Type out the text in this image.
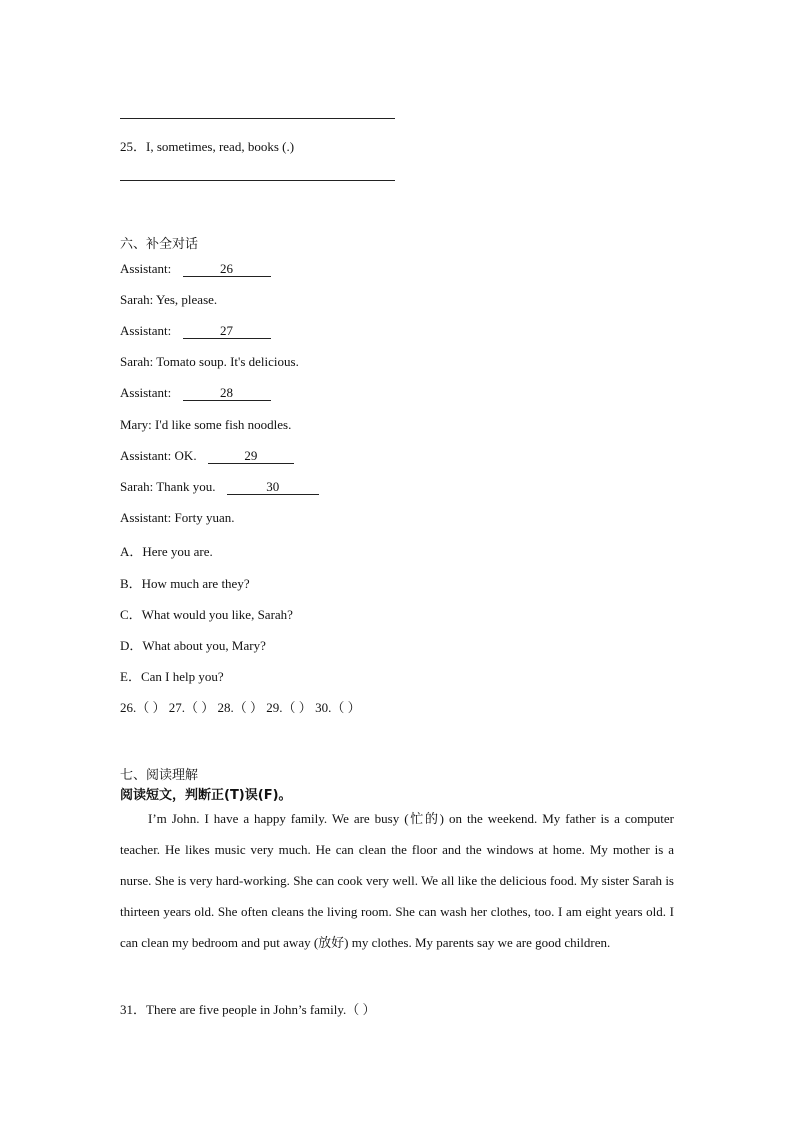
25．I, sometimes, read, books (.)
六、补全对话
Assistant:	26
Sarah: Yes, please.
Assistant:	27
Sarah: Tomato soup. It's delicious.
Assistant:	28
Mary: I'd like some fish noodles.
Assistant: OK.	29
Sarah: Thank you.	30
Assistant: Forty yuan.
A．Here you are.
B．How much are they?
C．What would you like, Sarah?
D．What about you, Mary?
E．Can I help you?
26.（ ） 27.（ ） 28.（ ） 29.（ ） 30.（ ）
七、阅读理解
阅读短文，判断正(T)误(F)。

I’m John. I have a happy family. We are busy (忙的) on the weekend. My father is a computer teacher. He likes music very much. He can clean the floor and the windows at home. My mother is a nurse. She is very hard-working. She can cook very well. We all like the delicious food. My sister Sarah is thirteen years old. She often cleans the living room. She can wash her clothes, too. I am eight years old. I can clean my bedroom and put away (放好) my clothes. My parents say we are good children.

31．There are five people in John’s family.（ ）
